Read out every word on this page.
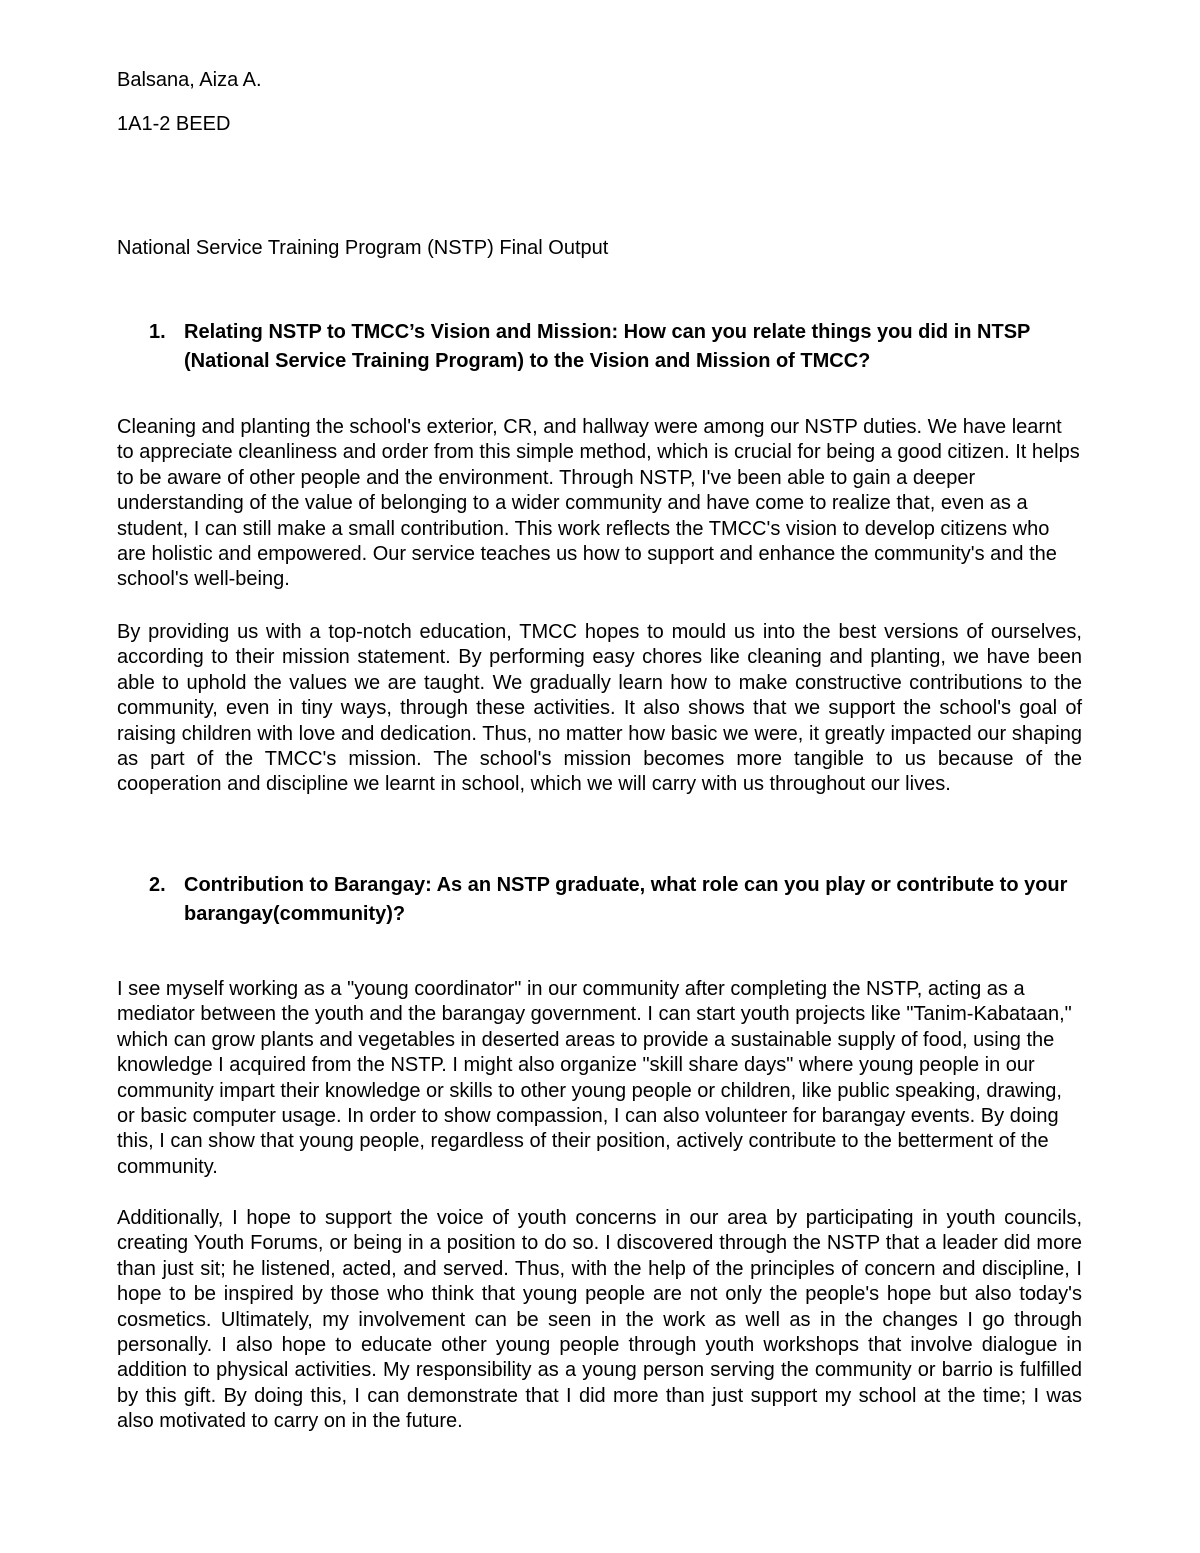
Balsana, Aiza A.
1A1-2 BEED
National Service Training Program (NSTP) Final Output
1. Relating NSTP to TMCC’s Vision and Mission: How can you relate things you did in NTSP (National Service Training Program) to the Vision and Mission of TMCC?
Cleaning and planting the school's exterior, CR, and hallway were among our NSTP duties. We have learnt to appreciate cleanliness and order from this simple method, which is crucial for being a good citizen. It helps to be aware of other people and the environment. Through NSTP, I've been able to gain a deeper understanding of the value of belonging to a wider community and have come to realize that, even as a student, I can still make a small contribution. This work reflects the TMCC's vision to develop citizens who are holistic and empowered. Our service teaches us how to support and enhance the community's and the school's well-being.
By providing us with a top-notch education, TMCC hopes to mould us into the best versions of ourselves, according to their mission statement. By performing easy chores like cleaning and planting, we have been able to uphold the values we are taught. We gradually learn how to make constructive contributions to the community, even in tiny ways, through these activities. It also shows that we support the school's goal of raising children with love and dedication. Thus, no matter how basic we were, it greatly impacted our shaping as part of the TMCC's mission. The school's mission becomes more tangible to us because of the cooperation and discipline we learnt in school, which we will carry with us throughout our lives.
2. Contribution to Barangay: As an NSTP graduate, what role can you play or contribute to your barangay(community)?
I see myself working as a "young coordinator" in our community after completing the NSTP, acting as a mediator between the youth and the barangay government. I can start youth projects like "Tanim-Kabataan," which can grow plants and vegetables in deserted areas to provide a sustainable supply of food, using the knowledge I acquired from the NSTP. I might also organize "skill share days" where young people in our community impart their knowledge or skills to other young people or children, like public speaking, drawing, or basic computer usage. In order to show compassion, I can also volunteer for barangay events. By doing this, I can show that young people, regardless of their position, actively contribute to the betterment of the community.
Additionally, I hope to support the voice of youth concerns in our area by participating in youth councils, creating Youth Forums, or being in a position to do so. I discovered through the NSTP that a leader did more than just sit; he listened, acted, and served. Thus, with the help of the principles of concern and discipline, I hope to be inspired by those who think that young people are not only the people's hope but also today's cosmetics. Ultimately, my involvement can be seen in the work as well as in the changes I go through personally. I also hope to educate other young people through youth workshops that involve dialogue in addition to physical activities. My responsibility as a young person serving the community or barrio is fulfilled by this gift. By doing this, I can demonstrate that I did more than just support my school at the time; I was also motivated to carry on in the future.
